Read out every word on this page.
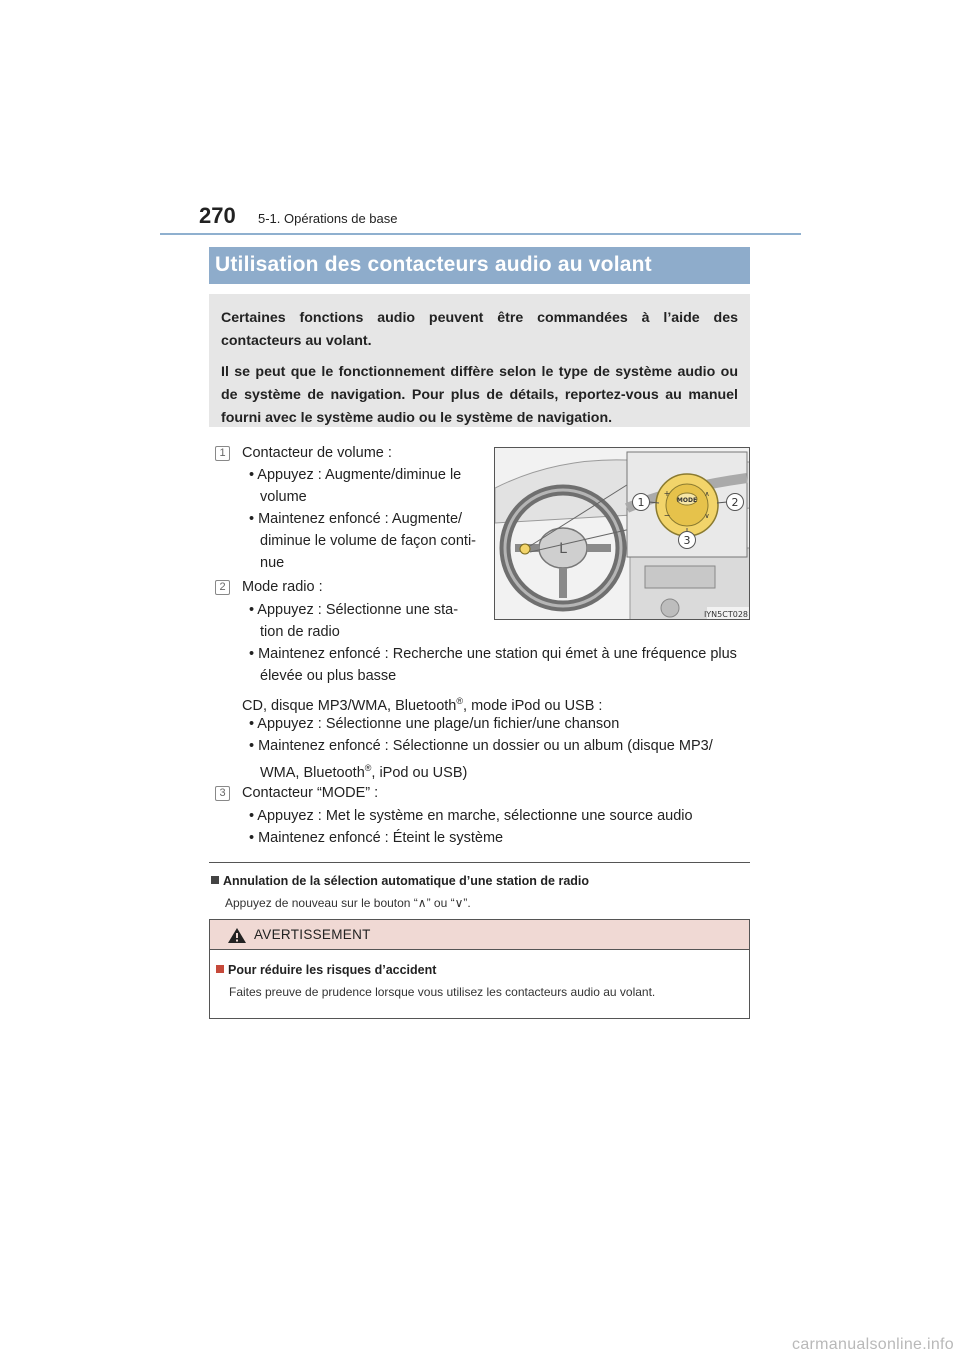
270 5-1. Opérations de base
Utilisation des contacteurs audio au volant

Certaines fonctions audio peuvent être commandées à l’aide des contacteurs au volant.

Il se peut que le fonctionnement diffère selon le type de système audio ou de système de navigation. Pour plus de détails, reportez-vous au manuel fourni avec le système audio ou le système de navigation.

1	Contacteur de volume :
• Appuyez : Augmente/diminue le
volume
• Maintenez enfoncé : Augmente/
diminue le volume de façon conti-
nue
2	Mode radio :
• Appuyez : Sélectionne une sta-
tion de radio
• Maintenez enfoncé : Recherche une station qui émet à une fréquence plus
élevée ou plus basse
CD, disque MP3/WMA, Bluetooth®, mode iPod ou USB :
• Appuyez : Sélectionne une plage/un fichier/une chanson
• Maintenez enfoncé : Sélectionne un dossier ou un album (disque MP3/
WMA, Bluetooth®, iPod ou USB)
3	Contacteur “MODE” :
• Appuyez : Met le système en marche, sélectionne une source audio
• Maintenez enfoncé : Éteint le système
L
MODE
+
−
∧
∨
1	2
3
IYN5CT028
Annulation de la sélection automatique d’une station de radio
Appuyez de nouveau sur le bouton “∧” ou “∨”.
AVERTISSEMENT
Pour réduire les risques d’accident
Faites preuve de prudence lorsque vous utilisez les contacteurs audio au volant.
carmanualsonline.info
